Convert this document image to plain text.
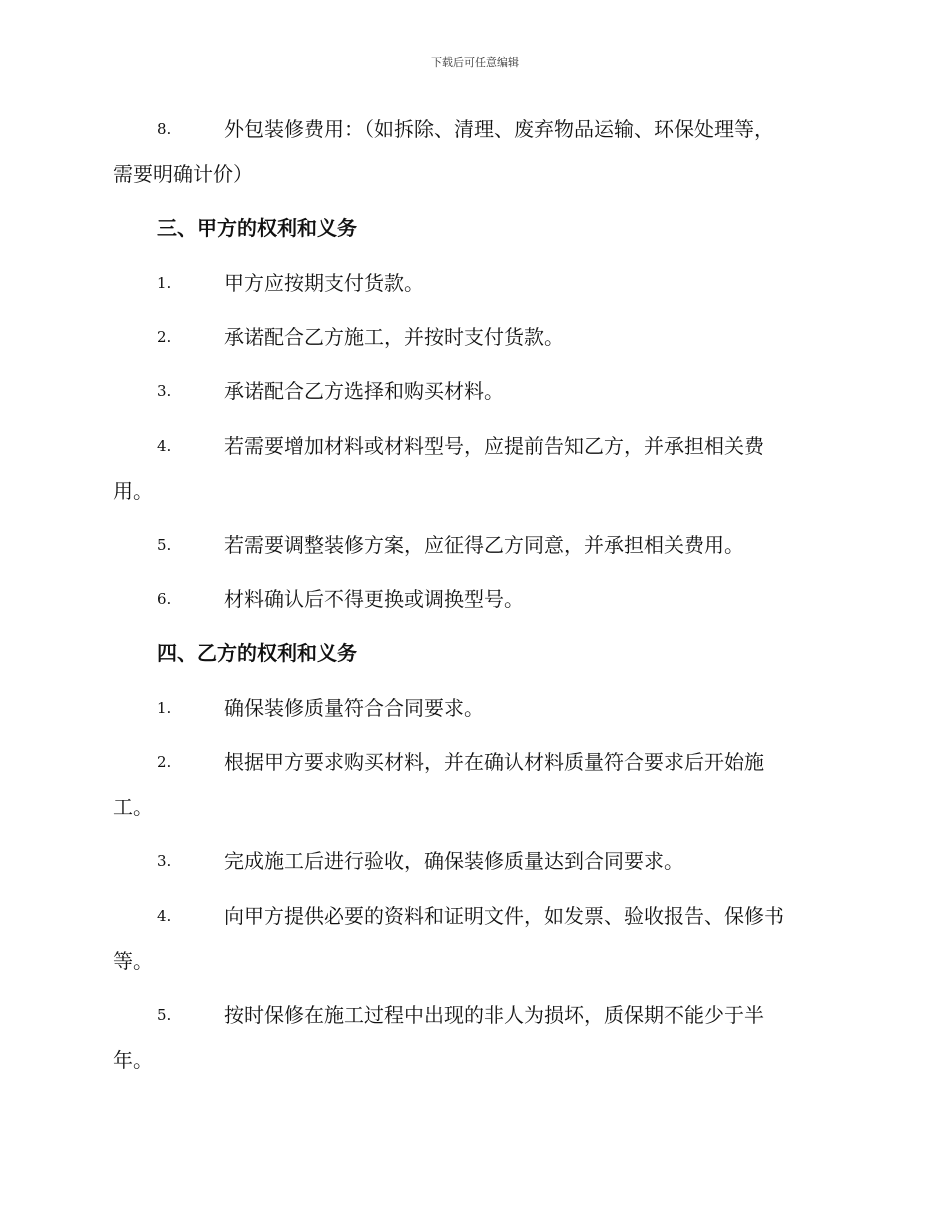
下载后可任意编辑
8.	外包装修费用：（如拆除、清理、废弃物品运输、环保处理等，
需要明确计价）
三、甲方的权利和义务
1.	甲方应按期支付货款。
2.	承诺配合乙方施工，并按时支付货款。
3.	承诺配合乙方选择和购买材料。
4.	若需要增加材料或材料型号，应提前告知乙方，并承担相关费
用。
5.	若需要调整装修方案，应征得乙方同意，并承担相关费用。
6.	材料确认后不得更换或调换型号。
四、乙方的权利和义务
1.	确保装修质量符合合同要求。
2.	根据甲方要求购买材料，并在确认材料质量符合要求后开始施
工。
3.	完成施工后进行验收，确保装修质量达到合同要求。
4.	向甲方提供必要的资料和证明文件，如发票、验收报告、保修书
等。
5.	按时保修在施工过程中出现的非人为损坏，质保期不能少于半
年。
